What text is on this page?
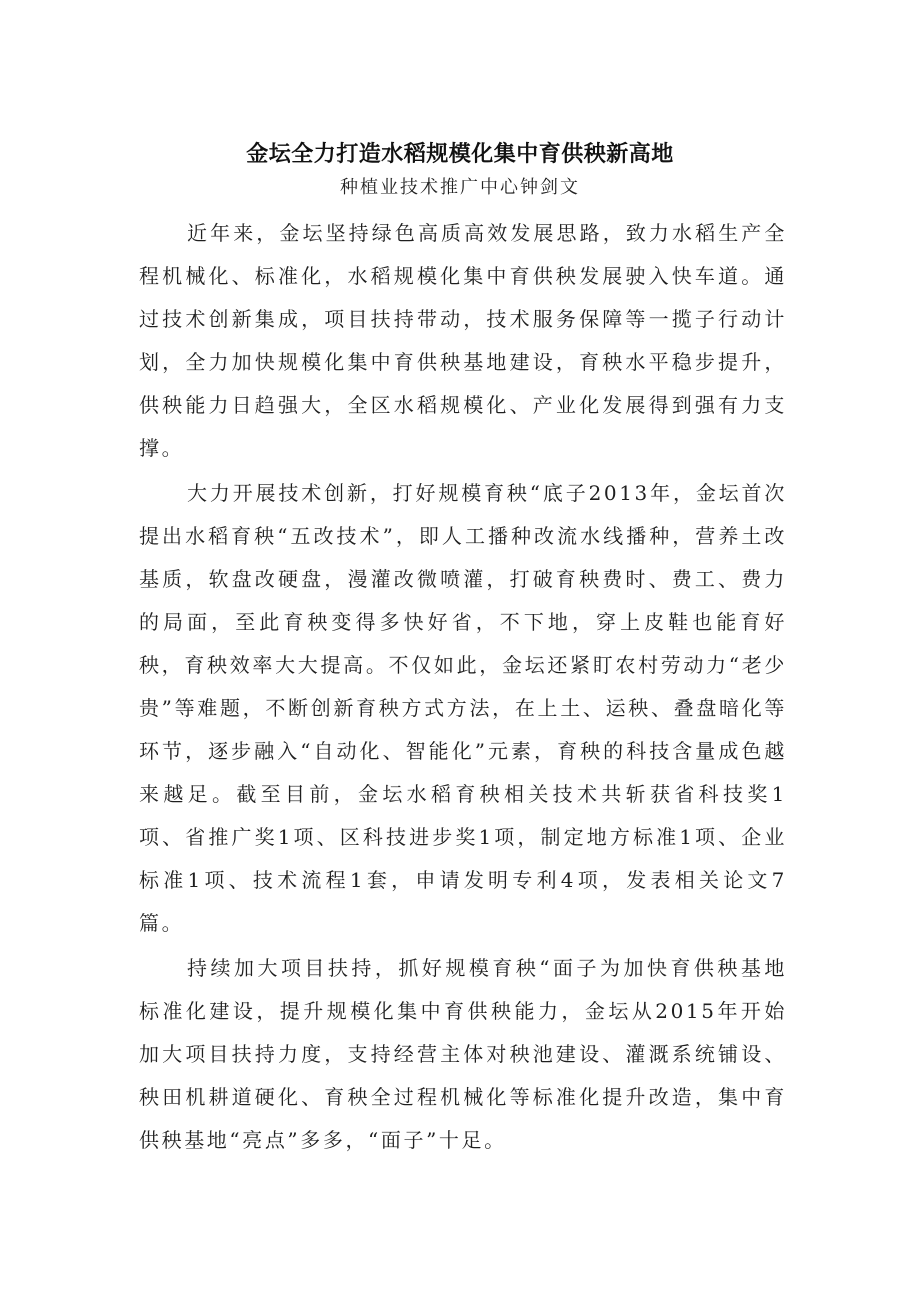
金坛全力打造水稻规模化集中育供秧新高地
种植业技术推广中心钟剑文

近年来，金坛坚持绿色高质高效发展思路，致力水稻生产全程机械化、标准化，水稻规模化集中育供秧发展驶入快车道。通过技术创新集成，项目扶持带动，技术服务保障等一揽子行动计划，全力加快规模化集中育供秧基地建设，育秧水平稳步提升，供秧能力日趋强大，全区水稻规模化、产业化发展得到强有力支撑。

大力开展技术创新，打好规模育秧“底子2013年，金坛首次提出水稻育秧“五改技术”，即人工播种改流水线播种，营养土改基质，软盘改硬盘，漫灌改微喷灌，打破育秧费时、费工、费力的局面，至此育秧变得多快好省，不下地，穿上皮鞋也能育好秧，育秧效率大大提高。不仅如此，金坛还紧盯农村劳动力“老少贵”等难题，不断创新育秧方式方法，在上土、运秧、叠盘暗化等环节，逐步融入“自动化、智能化”元素，育秧的科技含量成色越来越足。截至目前，金坛水稻育秧相关技术共斩获省科技奖1项、省推广奖1项、区科技进步奖1项，制定地方标准1项、企业标准1项、技术流程1套，申请发明专利4项，发表相关论文7篇。

持续加大项目扶持，抓好规模育秧“面子为加快育供秧基地标准化建设，提升规模化集中育供秧能力，金坛从2015年开始加大项目扶持力度，支持经营主体对秧池建设、灌溉系统铺设、秧田机耕道硬化、育秧全过程机械化等标准化提升改造，集中育供秧基地“亮点”多多，“面子”十足。
